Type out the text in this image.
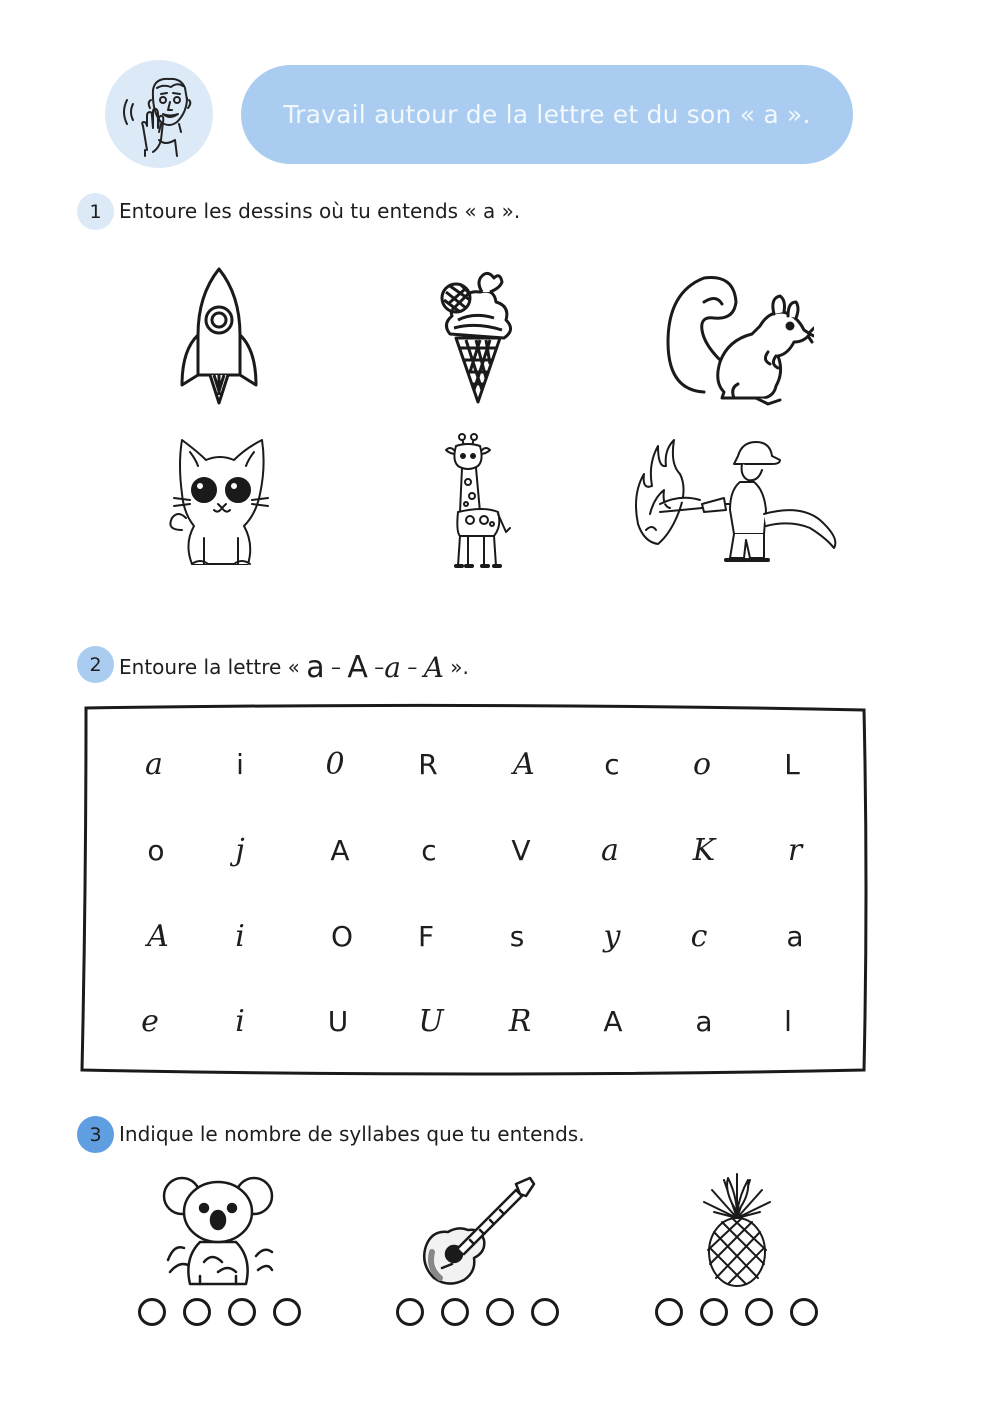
Travail autour de la lettre et du son « a ».
1 Entoure les dessins où tu entends « a ».
2 Entoure la lettre « a – A –a – A ».
a	i	0	R	A	c	o	L
o	j	A	c	V	a	K	r
A	i	O	F	s	y	c	a
e	i	U	U	R	A	a	l
3 Indique le nombre de syllabes que tu entends.
